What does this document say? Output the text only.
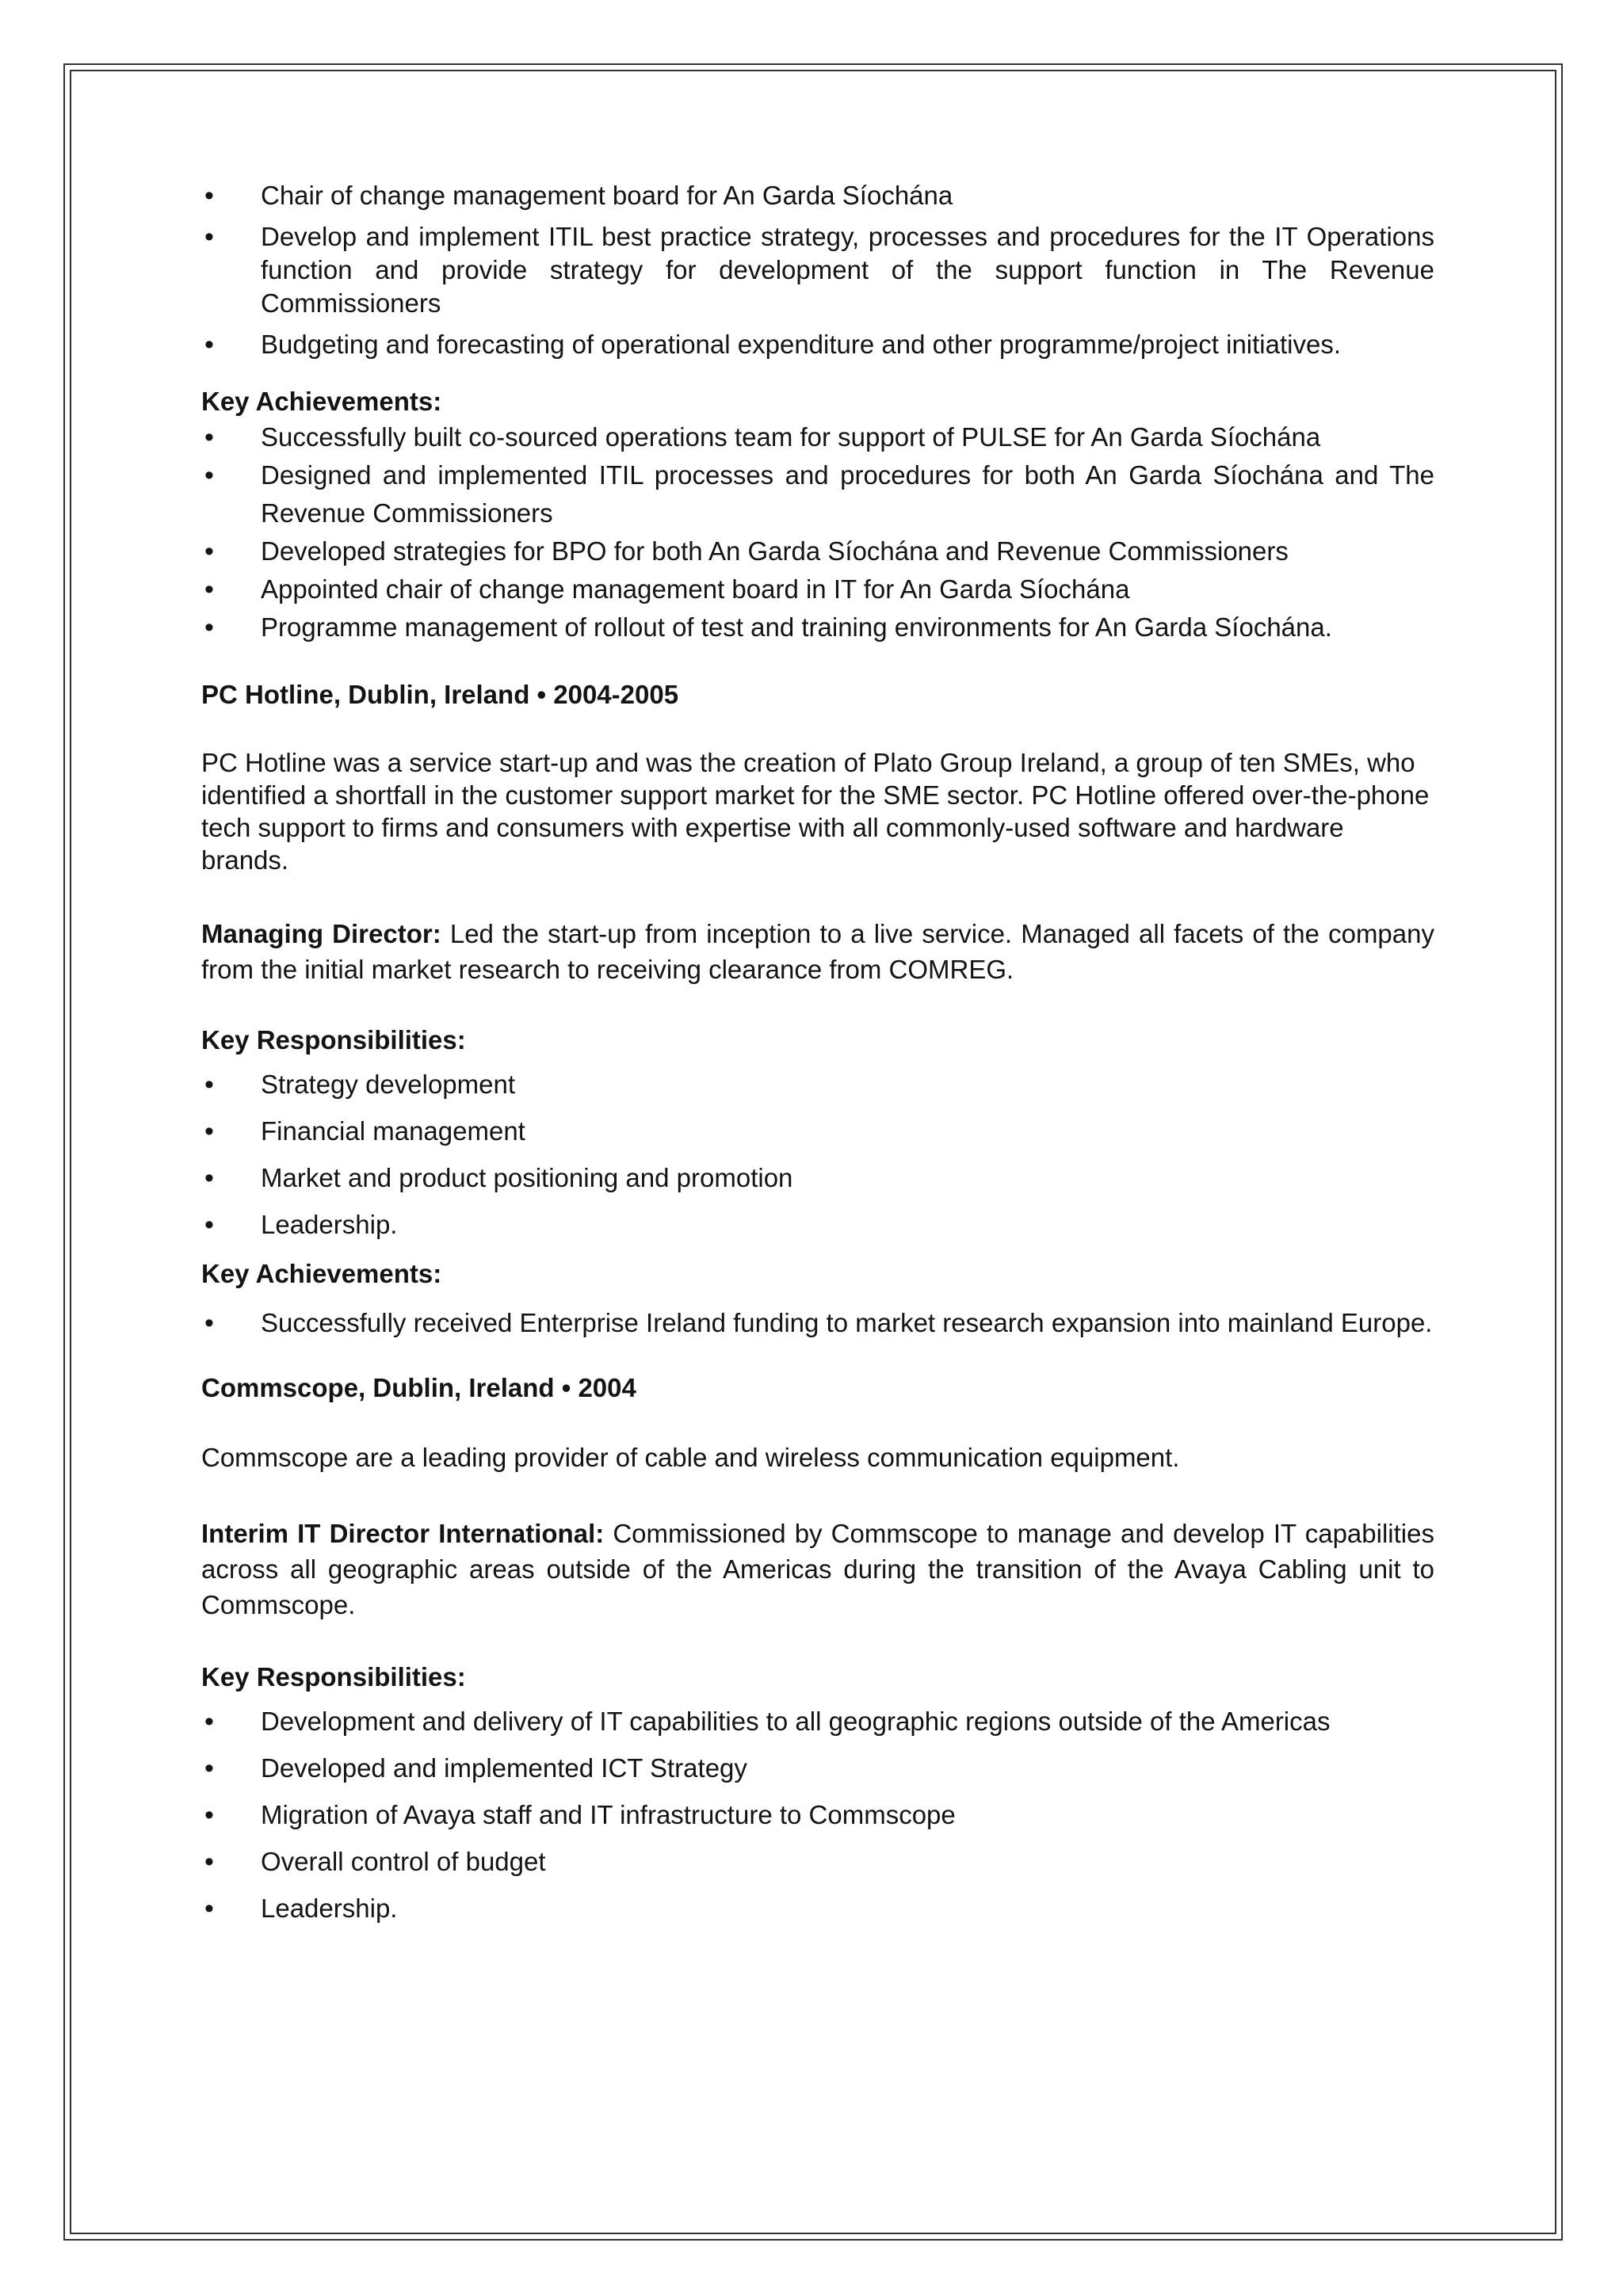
• Chair of change management board for An Garda Síochána
• Develop and implement ITIL best practice strategy, processes and procedures for the IT Operations function and provide strategy for development of the support function in The Revenue Commissioners
• Budgeting and forecasting of operational expenditure and other programme/project initiatives.

Key Achievements:

• Successfully built co-sourced operations team for support of PULSE for An Garda Síochána
• Designed and implemented ITIL processes and procedures for both An Garda Síochána and The Revenue Commissioners
• Developed strategies for BPO for both An Garda Síochána and Revenue Commissioners
• Appointed chair of change management board in IT for An Garda Síochána
• Programme management of rollout of test and training environments for An Garda Síochána.

PC Hotline, Dublin, Ireland • 2004-2005

PC Hotline was a service start-up and was the creation of Plato Group Ireland, a group of ten SMEs, who identified a shortfall in the customer support market for the SME sector. PC Hotline offered over-the-phone tech support to firms and consumers with expertise with all commonly-used software and hardware brands.

Managing Director: Led the start-up from inception to a live service. Managed all facets of the company from the initial market research to receiving clearance from COMREG.

Key Responsibilities:

• Strategy development
• Financial management
• Market and product positioning and promotion
• Leadership.

Key Achievements:

• Successfully received Enterprise Ireland funding to market research expansion into mainland Europe.

Commscope, Dublin, Ireland • 2004

Commscope are a leading provider of cable and wireless communication equipment.

Interim IT Director International: Commissioned by Commscope to manage and develop IT capabilities across all geographic areas outside of the Americas during the transition of the Avaya Cabling unit to Commscope.

Key Responsibilities:

• Development and delivery of IT capabilities to all geographic regions outside of the Americas
• Developed and implemented ICT Strategy
• Migration of Avaya staff and IT infrastructure to Commscope
• Overall control of budget
• Leadership.
